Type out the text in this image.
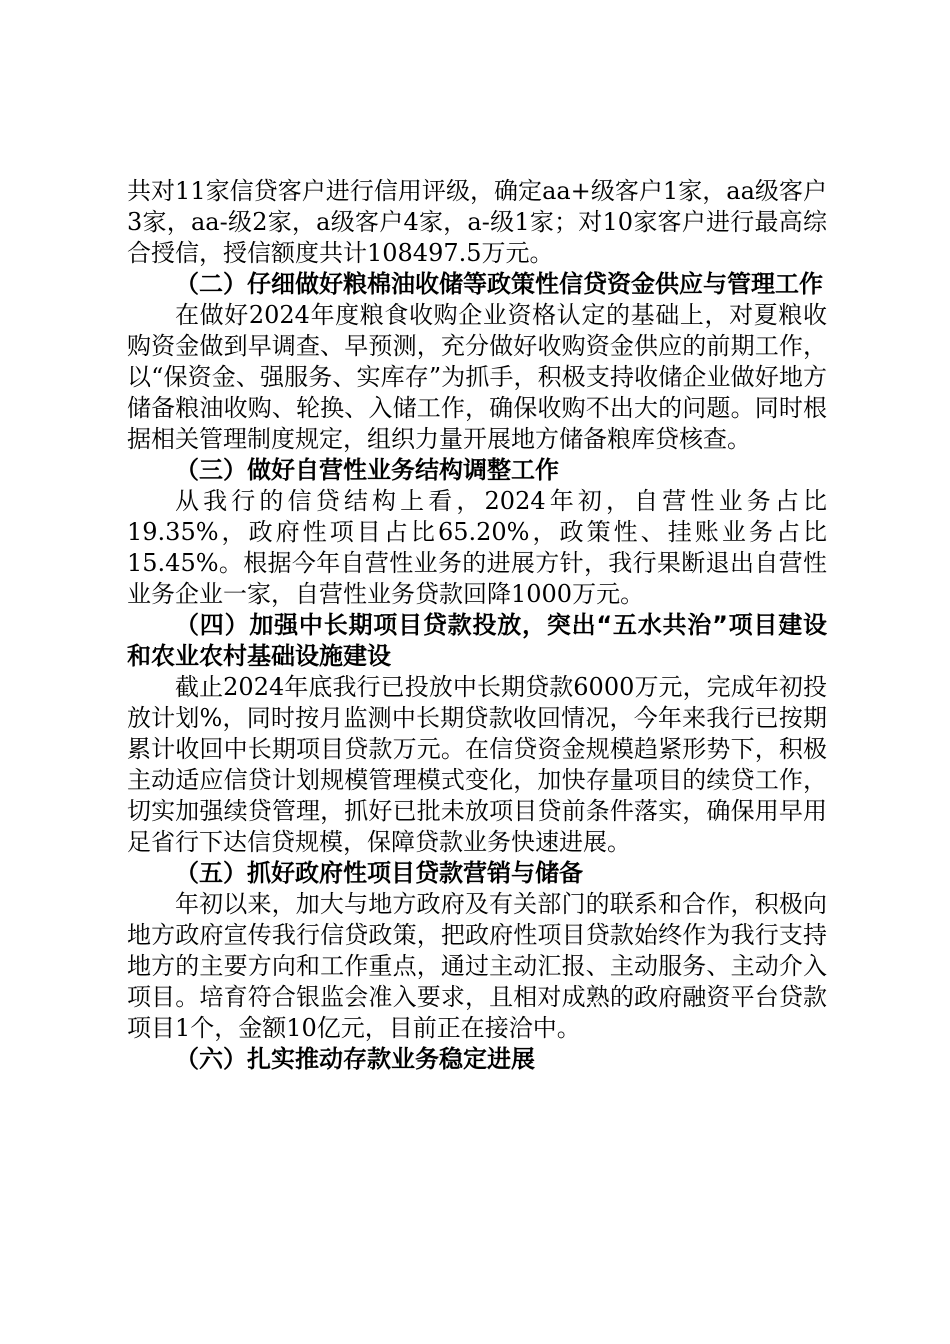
共对11家信贷客户进行信用评级，确定aa+级客户1家，aa级客户3家，aa-级2家，a级客户4家，a-级1家；对10家客户进行最高综合授信，授信额度共计108497.5万元。

（二）仔细做好粮棉油收储等政策性信贷资金供应与管理工作

在做好2024年度粮食收购企业资格认定的基础上，对夏粮收购资金做到早调查、早预测，充分做好收购资金供应的前期工作，以“保资金、强服务、实库存”为抓手，积极支持收储企业做好地方储备粮油收购、轮换、入储工作，确保收购不出大的问题。同时根据相关管理制度规定，组织力量开展地方储备粮库贷核查。

（三）做好自营性业务结构调整工作

从我行的信贷结构上看，2024年初，自营性业务占比19.35%，政府性项目占比65.20%，政策性、挂账业务占比15.45%。根据今年自营性业务的进展方针，我行果断退出自营性业务企业一家，自营性业务贷款回降1000万元。

（四）加强中长期项目贷款投放，突出“五水共治”项目建设和农业农村基础设施建设

截止2024年底我行已投放中长期贷款6000万元，完成年初投放计划%，同时按月监测中长期贷款收回情况，今年来我行已按期累计收回中长期项目贷款万元。在信贷资金规模趋紧形势下，积极主动适应信贷计划规模管理模式变化，加快存量项目的续贷工作，切实加强续贷管理，抓好已批未放项目贷前条件落实，确保用早用足省行下达信贷规模，保障贷款业务快速进展。

（五）抓好政府性项目贷款营销与储备

年初以来，加大与地方政府及有关部门的联系和合作，积极向地方政府宣传我行信贷政策，把政府性项目贷款始终作为我行支持地方的主要方向和工作重点，通过主动汇报、主动服务、主动介入项目。培育符合银监会准入要求，且相对成熟的政府融资平台贷款项目1个，金额10亿元，目前正在接洽中。

（六）扎实推动存款业务稳定进展
